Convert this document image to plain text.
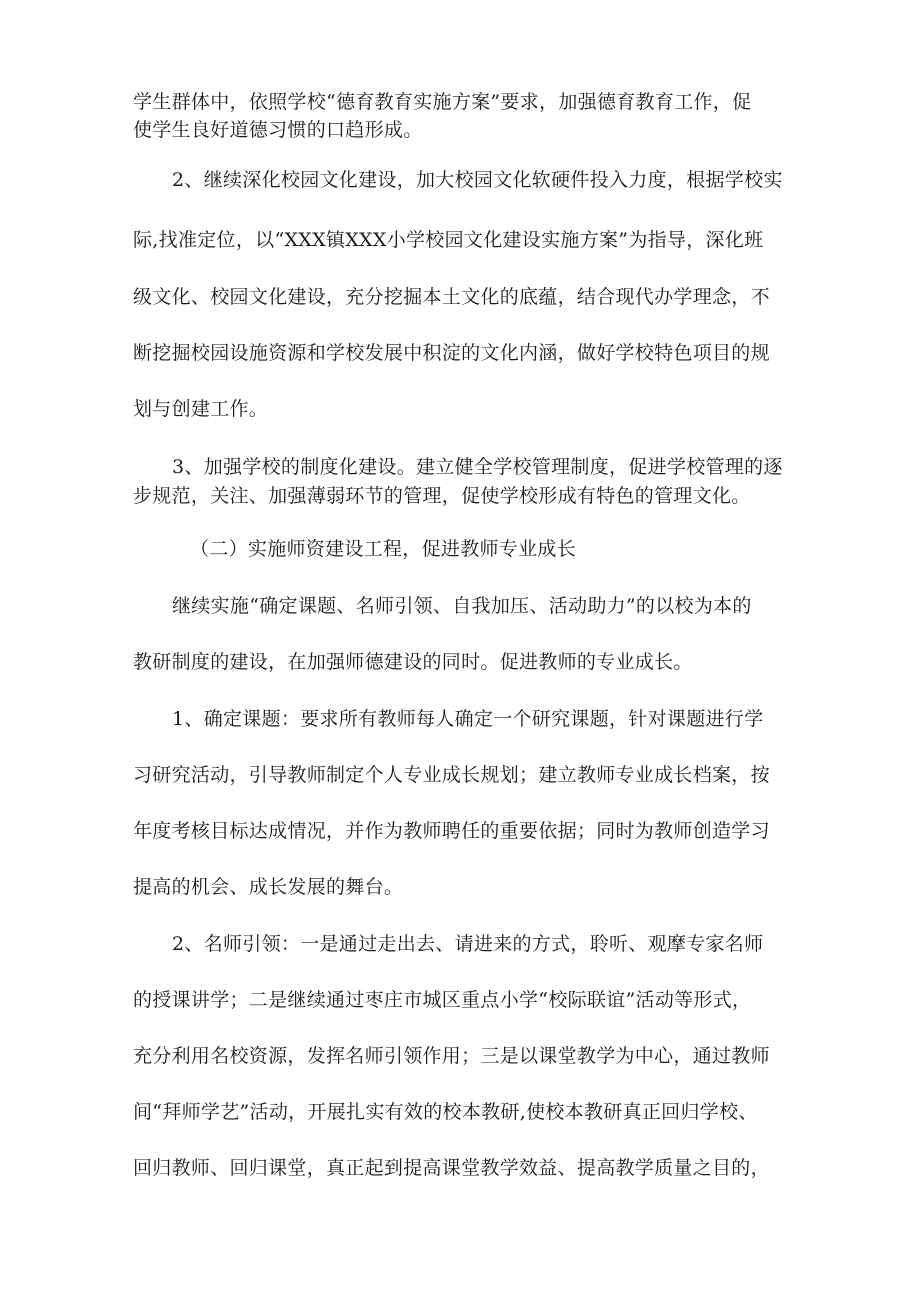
学生群体中，依照学校“德育教育实施方案”要求，加强德育教育工作，促
使学生良好道德习惯的口趋形成。
2、继续深化校园文化建设，加大校园文化软硬件投入力度，根据学校实
际,找准定位，以“XXX镇XXX小学校园文化建设实施方案”为指导，深化班
级文化、校园文化建设，充分挖掘本土文化的底蕴，结合现代办学理念，不
断挖掘校园设施资源和学校发展中积淀的文化内涵，做好学校特色项目的规
划与创建工作。
3、加强学校的制度化建设。建立健全学校管理制度，促进学校管理的逐
步规范，关注、加强薄弱环节的管理，促使学校形成有特色的管理文化。
（二）实施师资建设工程，促进教师专业成长
继续实施“确定课题、名师引领、自我加压、活动助力”的以校为本的
教研制度的建设，在加强师德建设的同时。促进教师的专业成长。
1、确定课题：要求所有教师每人确定一个研究课题，针对课题进行学
习研究活动，引导教师制定个人专业成长规划；建立教师专业成长档案，按
年度考核目标达成情况，并作为教师聘任的重要依据；同时为教师创造学习
提高的机会、成长发展的舞台。
2、名师引领：一是通过走出去、请进来的方式，聆听、观摩专家名师
的授课讲学；二是继续通过枣庄市城区重点小学“校际联谊”活动等形式，
充分利用名校资源，发挥名师引领作用；三是以课堂教学为中心，通过教师
间“拜师学艺”活动，开展扎实有效的校本教研,使校本教研真正回归学校、
回归教师、回归课堂，真正起到提高课堂教学效益、提高教学质量之目的，
